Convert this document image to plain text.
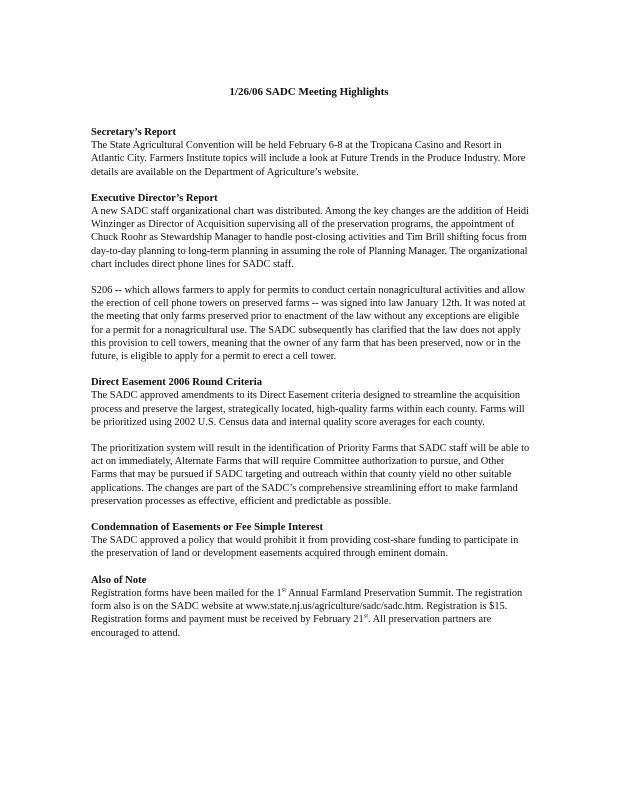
1/26/06 SADC Meeting Highlights
Secretary’s Report

The State Agricultural Convention will be held February 6-8 at the Tropicana Casino and Resort in Atlantic City. Farmers Institute topics will include a look at Future Trends in the Produce Industry. More details are available on the Department of Agriculture’s website.

Executive Director’s Report

A new SADC staff organizational chart was distributed. Among the key changes are the addition of Heidi Winzinger as Director of Acquisition supervising all of the preservation programs, the appointment of Chuck Roohr as Stewardship Manager to handle post-closing activities and Tim Brill shifting focus from day-to-day planning to long-term planning in assuming the role of Planning Manager. The organizational chart includes direct phone lines for SADC staff.

S206 -- which allows farmers to apply for permits to conduct certain nonagricultural activities and allow the erection of cell phone towers on preserved farms -- was signed into law January 12th. It was noted at the meeting that only farms preserved prior to enactment of the law without any exceptions are eligible for a permit for a nonagricultural use. The SADC subsequently has clarified that the law does not apply this provision to cell towers, meaning that the owner of any farm that has been preserved, now or in the future, is eligible to apply for a permit to erect a cell tower.

Direct Easement 2006 Round Criteria

The SADC approved amendments to its Direct Easement criteria designed to streamline the acquisition process and preserve the largest, strategically located, high-quality farms within each county. Farms will be prioritized using 2002 U.S. Census data and internal quality score averages for each county.

The prioritization system will result in the identification of Priority Farms that SADC staff will be able to act on immediately, Alternate Farms that will require Committee authorization to pursue, and Other Farms that may be pursued if SADC targeting and outreach within that county yield no other suitable applications. The changes are part of the SADC’s comprehensive streamlining effort to make farmland preservation processes as effective, efficient and predictable as possible.

Condemnation of Easements or Fee Simple Interest

The SADC approved a policy that would prohibit it from providing cost-share funding to participate in the preservation of land or development easements acquired through eminent domain.

Also of Note

Registration forms have been mailed for the 1st Annual Farmland Preservation Summit. The registration form also is on the SADC website at www.state.nj.us/agriculture/sadc/sadc.htm. Registration is $15. Registration forms and payment must be received by February 21st. All preservation partners are encouraged to attend.
